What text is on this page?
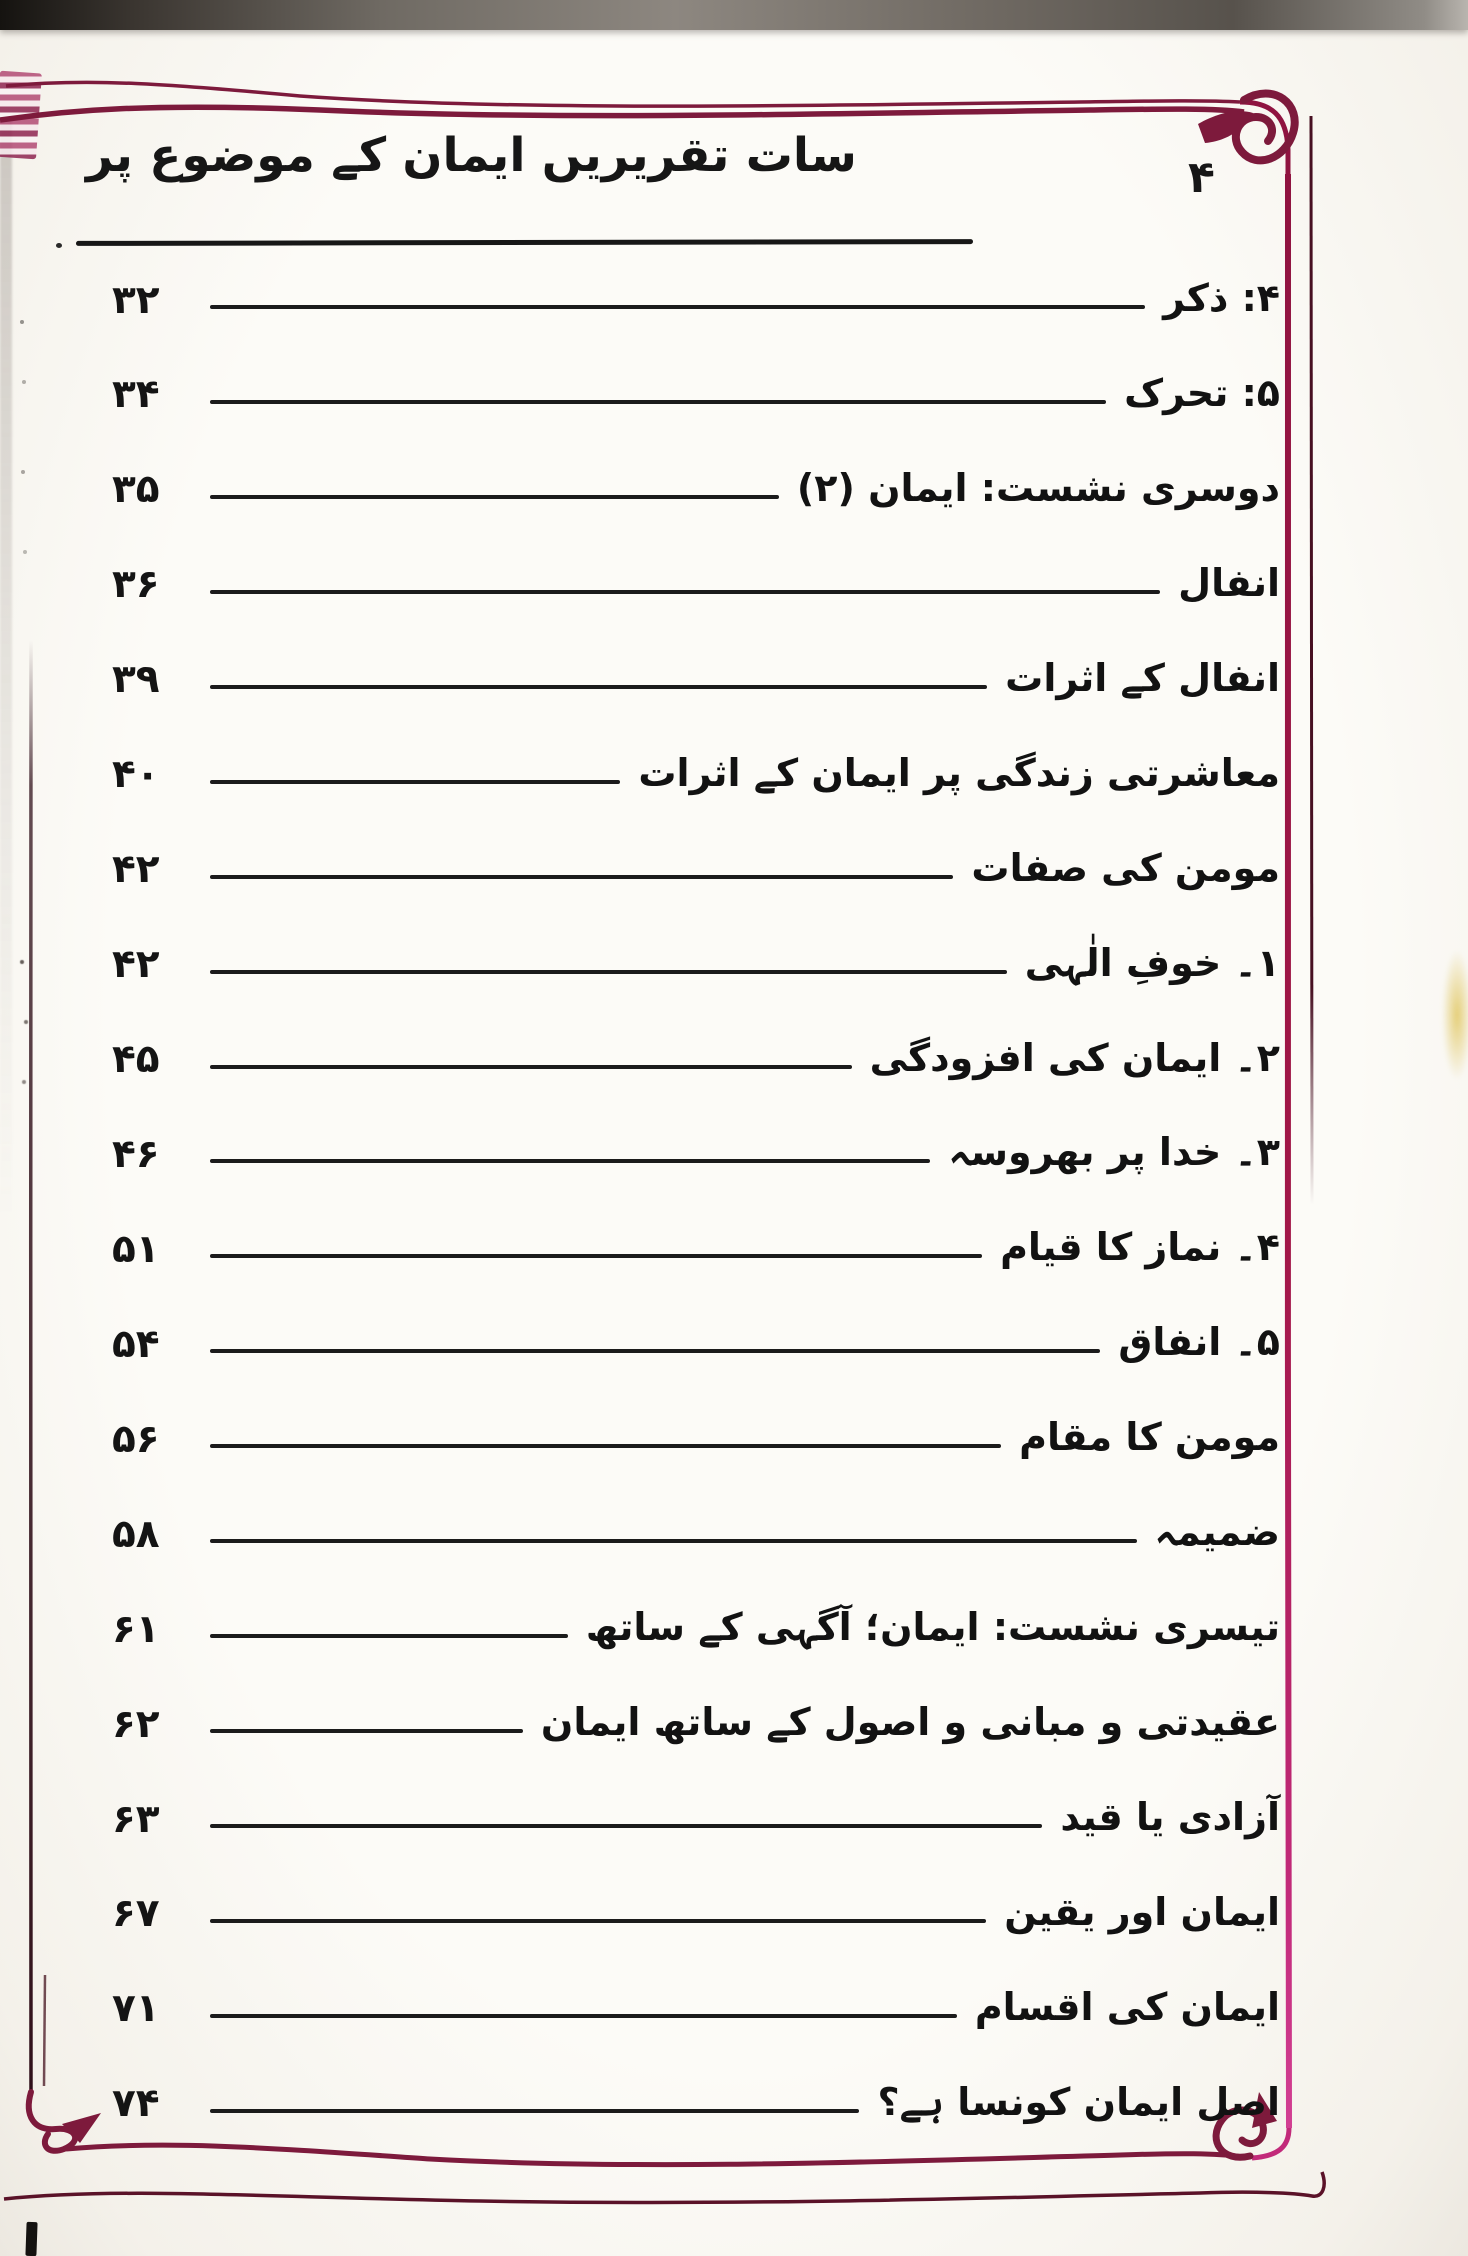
سات تقریریں ایمان کے موضوع پر	۴
۴: ذکر
۳۲
۵: تحرک
۳۴
دوسری نشست: ایمان (۲)
۳۵
انفال
۳۶
انفال کے اثرات
۳۹
معاشرتی زندگی پر ایمان کے اثرات
۴۰
مومن کی صفات
۴۲
۱۔ خوفِ الٰہی
۴۲
۲۔ ایمان کی افزودگی
۴۵
۳۔ خدا پر بھروسہ
۴۶
۴۔ نماز کا قیام
۵۱
۵۔ انفاق
۵۴
مومن کا مقام
۵۶
ضمیمہ
۵۸
تیسری نشست: ایمان؛ آگہی کے ساتھ
۶۱
عقیدتی و مبانی و اصول کے ساتھ ایمان
۶۲
آزادی یا قید
۶۳
ایمان اور یقین
۶۷
ایمان کی اقسام
۷۱
اصل ایمان کونسا ہے؟
۷۴
